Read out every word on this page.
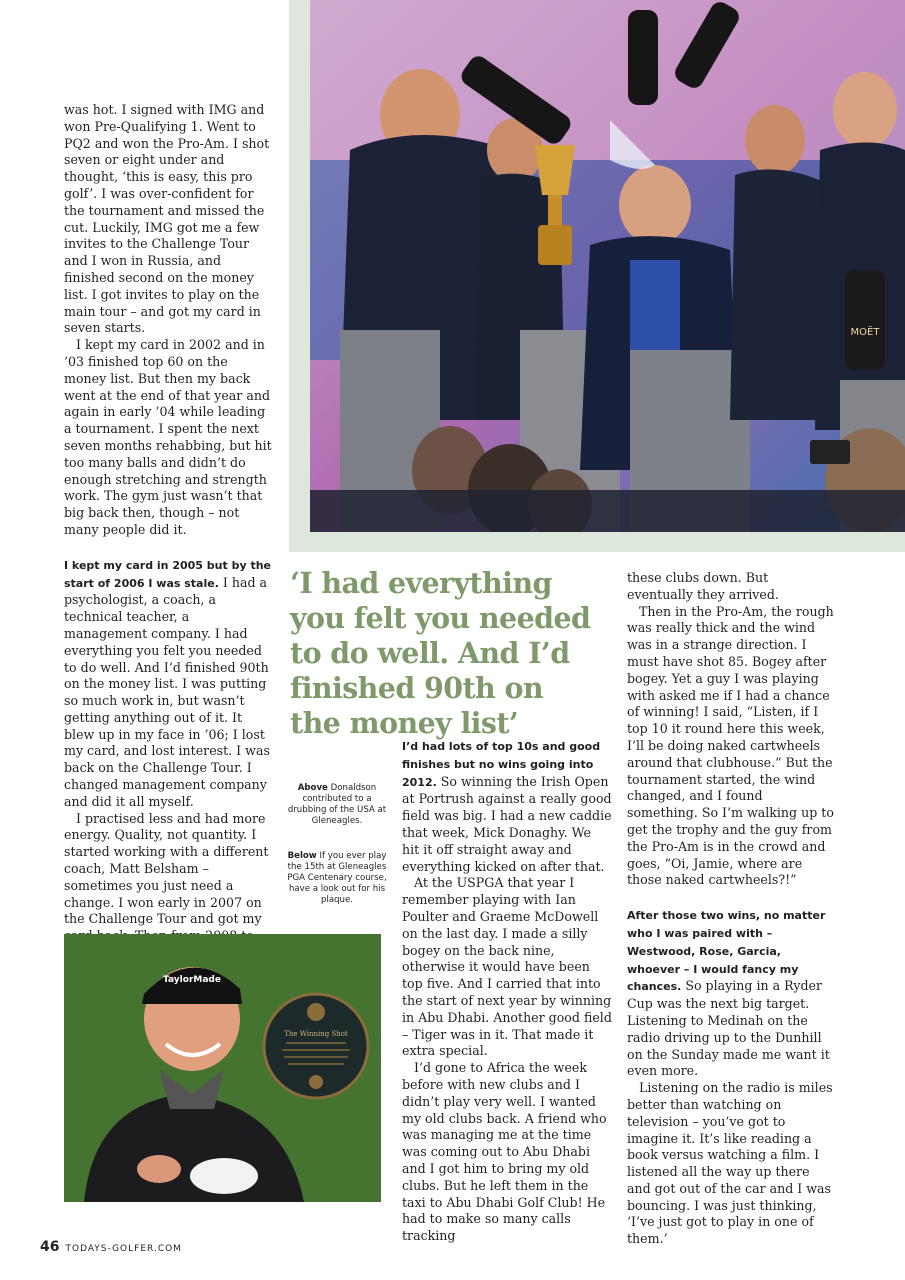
MOËT

was hot. I signed with IMG and won Pre-Qualifying 1. Went to PQ2 and won the Pro-Am. I shot seven or eight under and thought, ‘this is easy, this pro golf’. I was over-confident for the tournament and missed the cut. Luckily, IMG got me a few invites to the Challenge Tour and I won in Russia, and finished second on the money list. I got invites to play on the main tour – and got my card in seven starts.

I kept my card in 2002 and in ’03 finished top 60 on the money list. But then my back went at the end of that year and again in early ’04 while leading a tournament. I spent the next seven months rehabbing, but hit too many balls and didn’t do enough stretching and strength work. The gym just wasn’t that big back then, though – not many people did it.

I kept my card in 2005 but by the start of 2006 I was stale. I had a psychologist, a coach, a technical teacher, a management company. I had everything you felt you needed to do well. And I’d finished 90th on the money list. I was putting so much work in, but wasn’t getting anything out of it. It blew up in my face in ’06; I lost my card, and lost interest. I was back on the Challenge Tour. I changed management company and did it all myself.

I practised less and had more energy. Quality, not quantity. I started working with a different coach, Matt Belsham – sometimes you just need a change. I won early in 2007 on the Challenge Tour and got my

‘I had everything you felt you needed to do well. And I’d finished 90th on the money list’
Above Donaldson contributed to a drubbing of the USA at Gleneagles.
Below If you ever play the 15th at Gleneagles PGA Centenary course, have a look out for his plaque.
TaylorMade
The Winning Shot

I’d had lots of top 10s and good finishes but no wins going into 2012. So winning the Irish Open at Portrush against a really good field was big. I had a new caddie that week, Mick Donaghy. We hit it off straight away and everything kicked on after that.

At the USPGA that year I remember playing with Ian Poulter and Graeme McDowell on the last day. I made a silly bogey on the back nine, otherwise it would have been top five. And I carried that into the start of next year by winning in Abu Dhabi. Another good field – Tiger was in it. That made it extra special.

I’d gone to Africa the week before with new clubs and I didn’t play very well. I wanted my old clubs back. A friend who was managing me at the time was coming out to Abu Dhabi and I got him to bring my old clubs. But he left them in the taxi to Abu Dhabi Golf Club! He had to make so many calls tracking

these clubs down. But eventually they arrived.

Then in the Pro-Am, the rough was really thick and the wind was in a strange direction. I must have shot 85. Bogey after bogey. Yet a guy I was playing with asked me if I had a chance of winning! I said, “Listen, if I top 10 it round here this week, I’ll be doing naked cartwheels around that clubhouse.” But the tournament started, the wind changed, and I found something. So I’m walking up to get the trophy and the guy from the Pro-Am is in the crowd and goes, “Oi, Jamie, where are those naked cartwheels?!”

After those two wins, no matter who I was paired with – Westwood, Rose, Garcia, whoever – I would fancy my chances. So playing in a Ryder Cup was the next big target. Listening to Medinah on the radio driving up to the Dunhill on the Sunday made me want it even more.

Listening on the radio is miles better than watching on television – you’ve got to imagine it. It’s like reading a book versus watching a film. I listened all the way up there and got out of the car and I was bouncing. I was just thinking, ‘I’ve just got to play in one of them.’

46 TODAYS-GOLFER.COM
